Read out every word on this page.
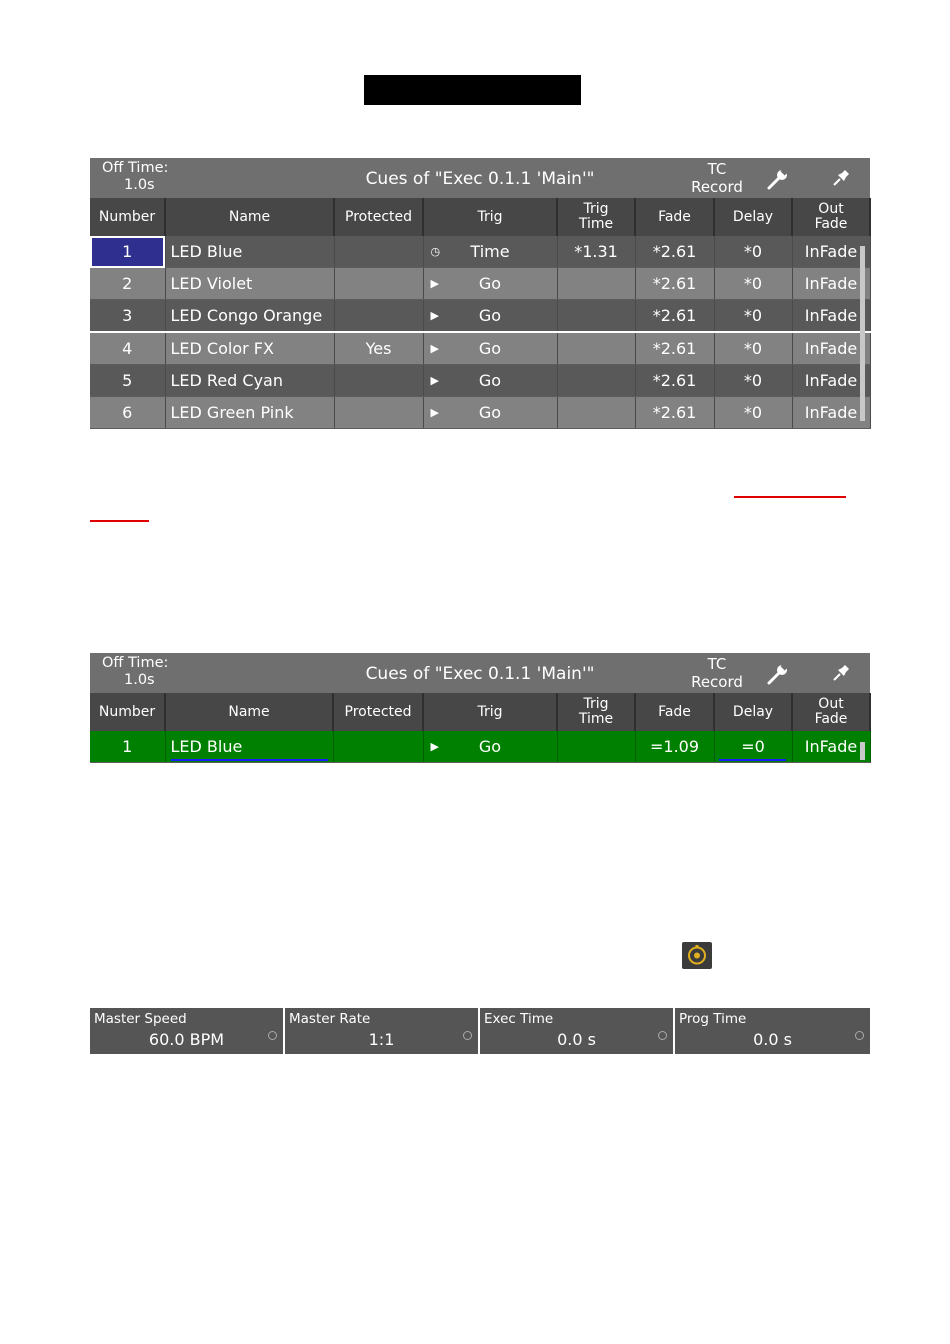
Off Time:
1.0s	Cues of "Exec 0.1.1 'Main'"	TC
Record
Number	Name	Protected	Trig	Trig Time	Fade	Delay	Out Fade

1	LED Blue		◷ Time	*1.31	*2.61	*0	InFade
2	LED Violet		▶ Go		*2.61	*0	InFade
3	LED Congo Orange		▶ Go		*2.61	*0	InFade
4	LED Color FX	Yes	▶ Go		*2.61	*0	InFade
5	LED Red Cyan		▶ Go		*2.61	*0	InFade
6	LED Green Pink		▶ Go		*2.61	*0	InFade
Off Time:
1.0s	Cues of "Exec 0.1.1 'Main'"	TC
Record
Number	Name	Protected	Trig	Trig Time	Fade	Delay	Out Fade

1	LED Blue		▶ Go		=1.09	=0	InFade
Master Speed
60.0 BPM
Master Rate
1:1
Exec Time
0.0 s
Prog Time
0.0 s
